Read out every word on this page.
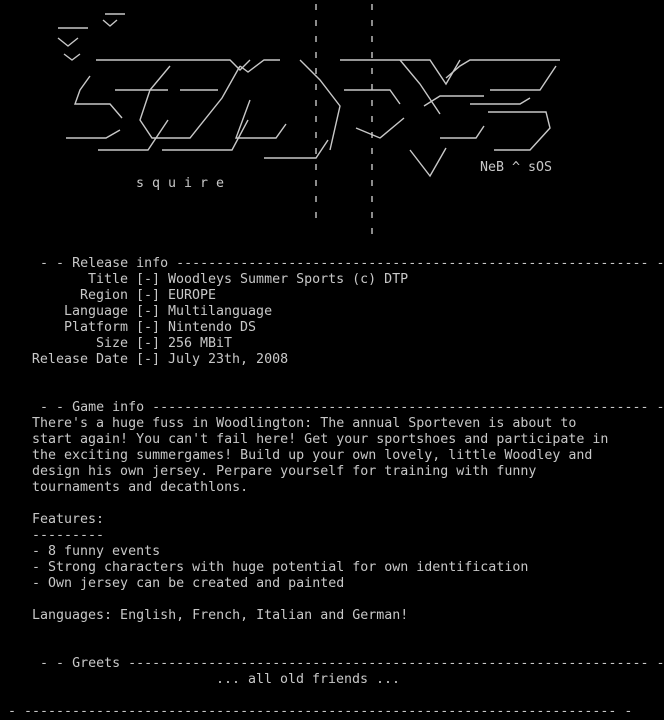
NeB ^ sOS
s q u i r e

- - Release info ----------------------------------------------------------- -

Title [-] Woodleys Summer Sports (c) DTP
Region [-] EUROPE
Language [-] Multilanguage
Platform [-] Nintendo DS
Size [-] 256 MBiT
Release Date [-] July 23th, 2008

- - Game info -------------------------------------------------------------- -

There's a huge fuss in Woodlington: The annual Sporteven is about to
start again! You can't fail here! Get your sportshoes and participate in
the exciting summergames! Build up your own lovely, little Woodley and
design his own jersey. Perpare yourself for training with funny
tournaments and decathlons.
Features:
---------
- 8 funny events
- Strong characters with huge potential for own identification
- Own jersey can be created and painted
Languages: English, French, Italian and German!

- - Greets ----------------------------------------------------------------- -

... all old friends ...
- -------------------------------------------------------------------------- -
